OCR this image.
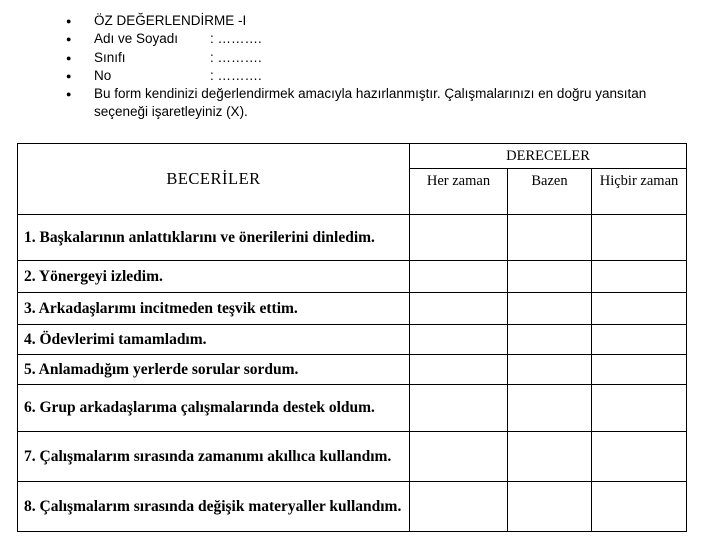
●	ÖZ DEĞERLENDİRME -I
●	Adı ve Soyadı	: ……….
●	Sınıfı	: ……….
●	No	: ……….
●	Bu form kendinizi değerlendirmek amacıyla hazırlanmıştır. Çalışmalarınızı en doğru yansıtan seçeneği işaretleyiniz (X).
BECERİLER	DERECELER		
	Her zaman	Bazen	Hiçbir zaman
1. Başkalarının anlattıklarını ve önerilerini dinledim.			
2. Yönergeyi izledim.			
3. Arkadaşlarımı incitmeden teşvik ettim.			
4. Ödevlerimi tamamladım.			
5. Anlamadığım yerlerde sorular sordum.			
6. Grup arkadaşlarıma çalışmalarında destek oldum.			
7. Çalışmalarım sırasında zamanımı akıllıca kullandım.			
8. Çalışmalarım sırasında değişik materyaller kullandım.			
